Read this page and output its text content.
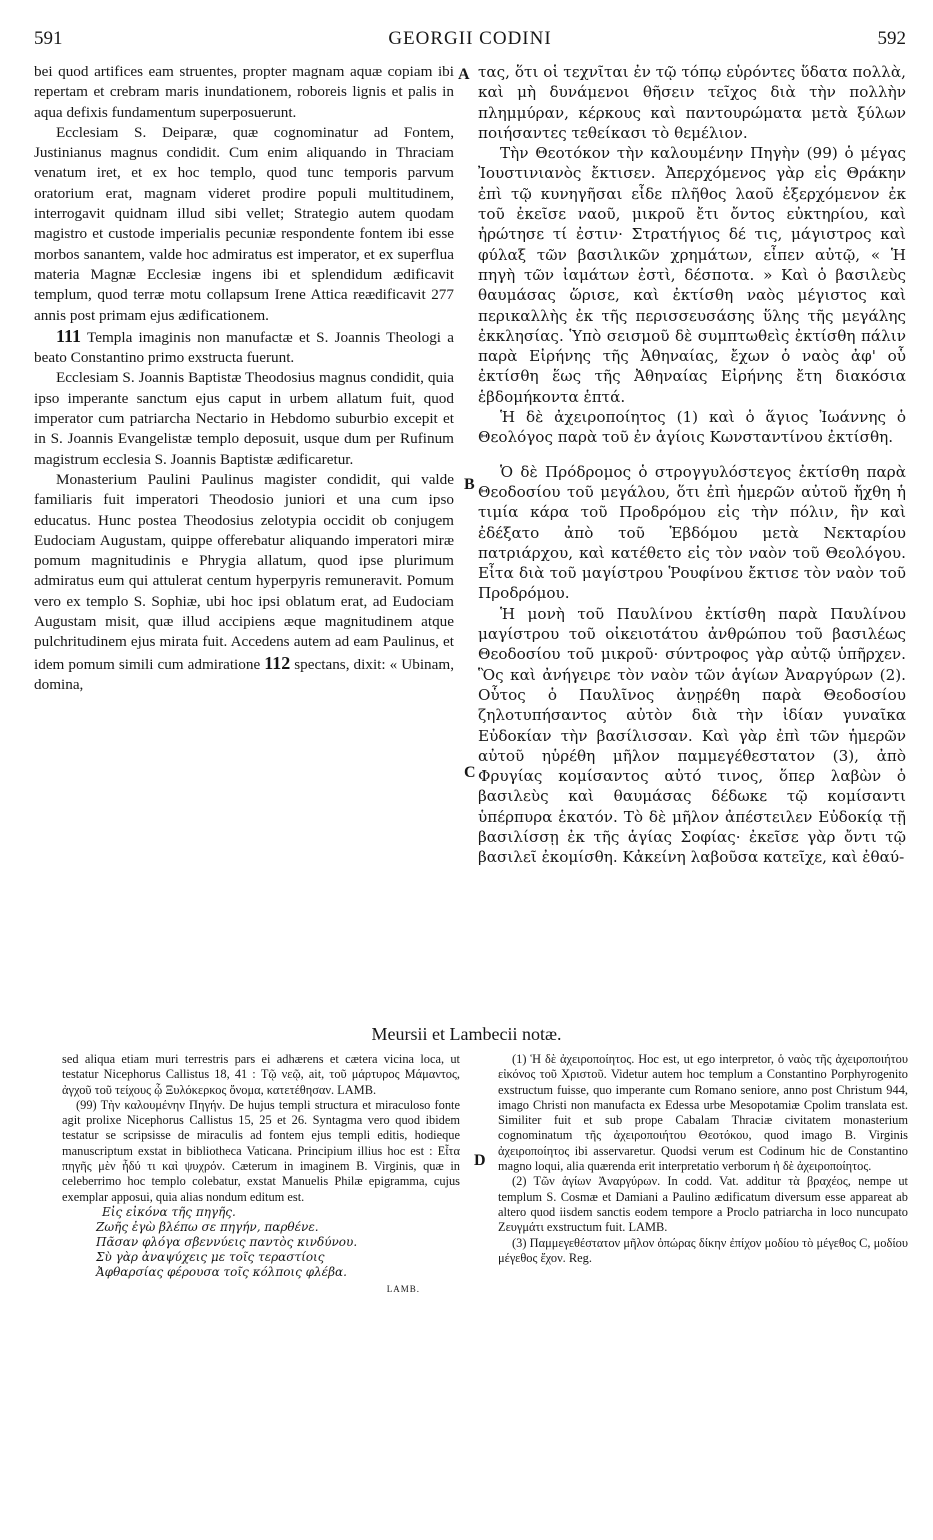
591	GEORGII CODINI	592
A
B
C
D

bei quod artifices eam struentes, propter magnam aquæ copiam ibi repertam et crebram maris inundationem, roboreis lignis et palis in aqua defixis fundamentum superposuerunt.

Ecclesiam S. Deiparæ, quæ cognominatur ad Fontem, Justinianus magnus condidit. Cum enim aliquando in Thraciam venatum iret, et ex hoc templo, quod tunc temporis parvum oratorium erat, magnam videret prodire populi multitudinem, interrogavit quidnam illud sibi vellet; Strategio autem quodam magistro et custode imperialis pecuniæ respondente fontem ibi esse morbos sanantem, valde hoc admiratus est imperator, et ex superflua materia Magnæ Ecclesiæ ingens ibi et splendidum ædificavit templum, quod terræ motu collapsum Irene Attica reædificavit 277 annis post primam ejus ædificationem.

111 Templa imaginis non manufactæ et S. Joannis Theologi a beato Constantino primo exstructa fuerunt.

Ecclesiam S. Joannis Baptistæ Theodosius magnus condidit, quia ipso imperante sanctum ejus caput in urbem allatum fuit, quod imperator cum patriarcha Nectario in Hebdomo suburbio excepit et in S. Joannis Evangelistæ templo deposuit, usque dum per Rufinum magistrum ecclesia S. Joannis Baptistæ ædificaretur.

Monasterium Paulini Paulinus magister condidit, qui valde familiaris fuit imperatori Theodosio juniori et una cum ipso educatus. Hunc postea Theodosius zelotypia occidit ob conjugem Eudociam Augustam, quippe offerebatur aliquando imperatori miræ pomum magnitudinis e Phrygia allatum, quod ipse plurimum admiratus eum qui attulerat centum hyperpyris remuneravit. Pomum vero ex templo S. Sophiæ, ubi hoc ipsi oblatum erat, ad Eudociam Augustam misit, quæ illud accipiens æque magnitudinem atque pulchritudinem ejus mirata fuit. Accedens autem ad eam Paulinus, et idem pomum simili cum admiratione 112 spectans, dixit: « Ubinam, domina,

τας, ὅτι οἱ τεχνῖται ἐν τῷ τόπῳ εὑρόντες ὕδατα πολλὰ, καὶ μὴ δυνάμενοι θῆσειν τεῖχος διὰ τὴν πολλὴν πλημμύραν, κέρκους καὶ παντουρώματα μετὰ ξύλων ποιήσαντες τεθείκασι τὸ θεμέλιον.

Τὴν Θεοτόκον τὴν καλουμένην Πηγὴν (99) ὁ μέγας Ἰουστινιανὸς ἔκτισεν. Ἀπερχόμενος γὰρ εἰς Θράκην ἐπὶ τῷ κυνηγῆσαι εἶδε πλῆθος λαοῦ ἐξερχόμενον ἐκ τοῦ ἐκεῖσε ναοῦ, μικροῦ ἔτι ὄντος εὐκτηρίου, καὶ ἠρώτησε τί ἐστιν· Στρατήγιος δέ τις, μάγιστρος καὶ φύλαξ τῶν βασιλικῶν χρημάτων, εἶπεν αὐτῷ, « Ἡ πηγὴ τῶν ἰαμάτων ἐστὶ, δέσποτα. » Καὶ ὁ βασιλεὺς θαυμάσας ὥρισε, καὶ ἐκτίσθη ναὸς μέγιστος καὶ περικαλλὴς ἐκ τῆς περισσευσάσης ὕλης τῆς μεγάλης ἐκκλησίας. Ὑπὸ σεισμοῦ δὲ συμπτωθεὶς ἐκτίσθη πάλιν παρὰ Εἰρήνης τῆς Ἀθηναίας, ἔχων ὁ ναὸς ἀφ' οὗ ἐκτίσθη ἕως τῆς Ἀθηναίας Εἰρήνης ἔτη διακόσια ἑβδομήκοντα ἑπτά.

Ἡ δὲ ἀχειροποίητος (1) καὶ ὁ ἅγιος Ἰωάννης ὁ Θεολόγος παρὰ τοῦ ἐν ἁγίοις Κωνσταντίνου ἐκτίσθη.

Ὁ δὲ Πρόδρομος ὁ στρογγυλόστεγος ἐκτίσθη παρὰ Θεοδοσίου τοῦ μεγάλου, ὅτι ἐπὶ ἡμερῶν αὐτοῦ ἤχθη ἡ τιμία κάρα τοῦ Προδρόμου εἰς τὴν πόλιν, ἣν καὶ ἐδέξατο ἀπὸ τοῦ Ἑβδόμου μετὰ Νεκταρίου πατριάρχου, καὶ κατέθετο εἰς τὸν ναὸν τοῦ Θεολόγου. Εἶτα διὰ τοῦ μαγίστρου Ῥουφίνου ἔκτισε τὸν ναὸν τοῦ Προδρόμου.

Ἡ μονὴ τοῦ Παυλίνου ἐκτίσθη παρὰ Παυλίνου μαγίστρου τοῦ οἰκειοτάτου ἀνθρώπου τοῦ βασιλέως Θεοδοσίου τοῦ μικροῦ· σύντροφος γὰρ αὐτῷ ὑπῆρχεν. Ὃς καὶ ἀνήγειρε τὸν ναὸν τῶν ἁγίων Ἀναργύρων (2). Οὗτος ὁ Παυλῖνος ἀνῃρέθη παρὰ Θεοδοσίου ζηλοτυπήσαντος αὐτὸν διὰ τὴν ἰδίαν γυναῖκα Εὐδοκίαν τὴν βασίλισσαν. Καὶ γὰρ ἐπὶ τῶν ἡμερῶν αὐτοῦ ηὑρέθη μῆλον παμμεγέθεστατον (3), ἀπὸ Φρυγίας κομίσαντος αὐτό τινος, ὅπερ λαβὼν ὁ βασιλεὺς καὶ θαυμάσας δέδωκε τῷ κομίσαντι ὑπέρπυρα ἑκατόν. Τὸ δὲ μῆλον ἀπέστειλεν Εὐδοκίᾳ τῇ βασιλίσσῃ ἐκ τῆς ἁγίας Σοφίας· ἐκεῖσε γὰρ ὄντι τῷ βασιλεῖ ἐκομίσθη. Κἀκείνη λαβοῦσα κατεῖχε, καὶ ἐθαύ-

Meursii et Lambecii notæ.

sed aliqua etiam muri terrestris pars ei adhærens et cætera vicina loca, ut testatur Nicephorus Callistus 18, 41 : Τῷ νεῷ, ait, τοῦ μάρτυρος Μάμαντος, ἀγχοῦ τοῦ τείχους ᾧ Ξυλόκερκος ὄνομα, κατετέθησαν. LAMB.

(99) Τὴν καλουμένην Πηγήν. De hujus templi structura et miraculoso fonte agit prolixe Nicephorus Callistus 15, 25 et 26. Syntagma vero quod ibidem testatur se scripsisse de miraculis ad fontem ejus templi editis, hodieque manuscriptum exstat in bibliotheca Vaticana. Principium illius hoc est : Εἶτα πηγῆς μὲν ἦδύ τι καὶ ψυχρόν. Cæterum in imaginem B. Virginis, quæ in celeberrimo hoc templo colebatur, exstat Manuelis Philæ epigramma, cujus exemplar apposui, quia alias nondum editum est.

Εἰς εἰκόνα τῆς πηγῆς.
Ζωῆς ἐγὼ βλέπω σε πηγήν, παρθένε.
Πᾶσαν φλόγα σβεννύεις παντὸς κινδύνου.
Σὺ γὰρ ἀναψύχεις με τοῖς τεραστίοις
Ἀφθαρσίας φέρουσα τοῖς κόλποις φλέβα.
LAMB.

(1) Ἡ δὲ ἀχειροποίητος. Hoc est, ut ego interpretor, ὁ ναὸς τῆς ἀχειροποιήτου εἰκόνος τοῦ Χριστοῦ. Videtur autem hoc templum a Constantino Porphyrogenito exstructum fuisse, quo imperante cum Romano seniore, anno post Christum 944, imago Christi non manufacta ex Edessa urbe Mesopotamiæ Cpolim translata est. Similiter fuit et sub prope Cabalam Thraciæ civitatem monasterium cognominatum τῆς ἀχειροποιήτου Θεοτόκου, quod imago B. Virginis ἀχειροποίητος ibi asservaretur. Quodsi verum est Codinum hic de Constantino magno loqui, alia quærenda erit interpretatio verborum ἡ δὲ ἀχειροποίητος.

(2) Τῶν ἁγίων Ἀναργύρων. In codd. Vat. additur τὰ βραχέος, nempe ut templum S. Cosmæ et Damiani a Paulino ædificatum diversum esse appareat ab altero quod iisdem sanctis eodem tempore a Proclo patriarcha in loco nuncupato Ζευγμάτι exstructum fuit. LAMB.

(3) Παμμεγεθέστατον μῆλον ὀπώρας δίκην ἐπίχον μοδίου τὸ μέγεθος C, μοδίου μέγεθος ἔχον. Reg.
